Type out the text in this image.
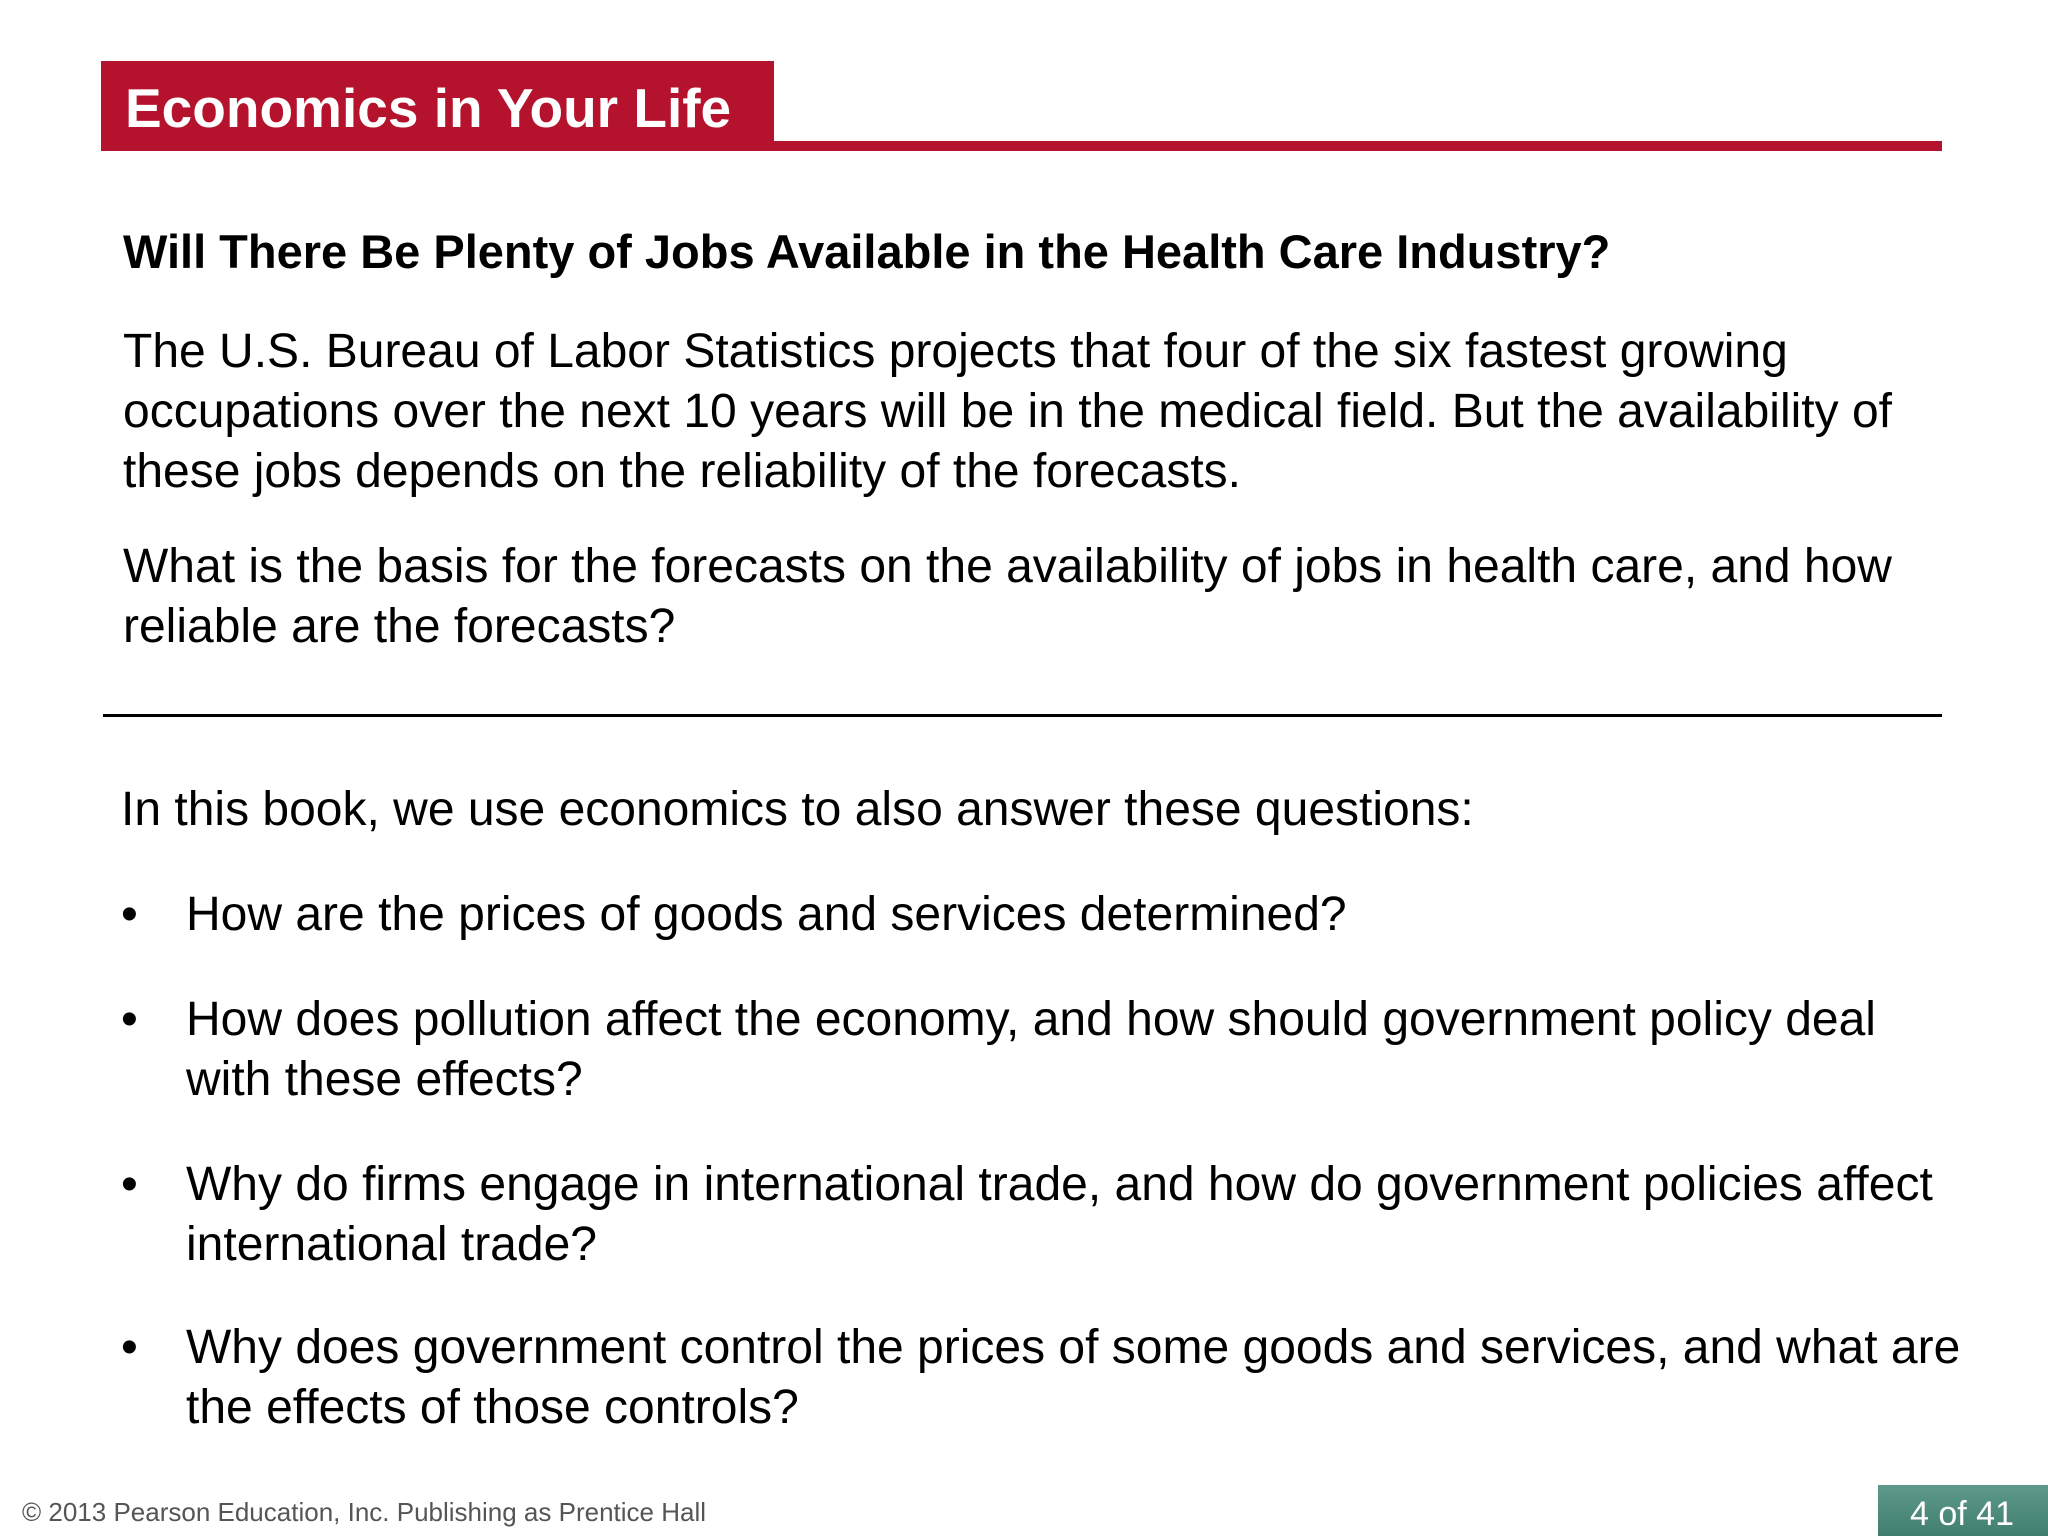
Economics in Your Life
Will There Be Plenty of Jobs Available in the Health Care Industry?

The U.S. Bureau of Labor Statistics projects that four of the six fastest growing occupations over the next 10 years will be in the medical field. But the availability of these jobs depends on the reliability of the forecasts.

What is the basis for the forecasts on the availability of jobs in health care, and how reliable are the forecasts?

In this book, we use economics to also answer these questions:

• How are the prices of goods and services determined?
• How does pollution affect the economy, and how should government policy deal with these effects?
• Why do firms engage in international trade, and how do government policies affect international trade?
• Why does government control the prices of some goods and services, and what are the effects of those controls?
© 2013 Pearson Education, Inc. Publishing as Prentice Hall	4 of 41
